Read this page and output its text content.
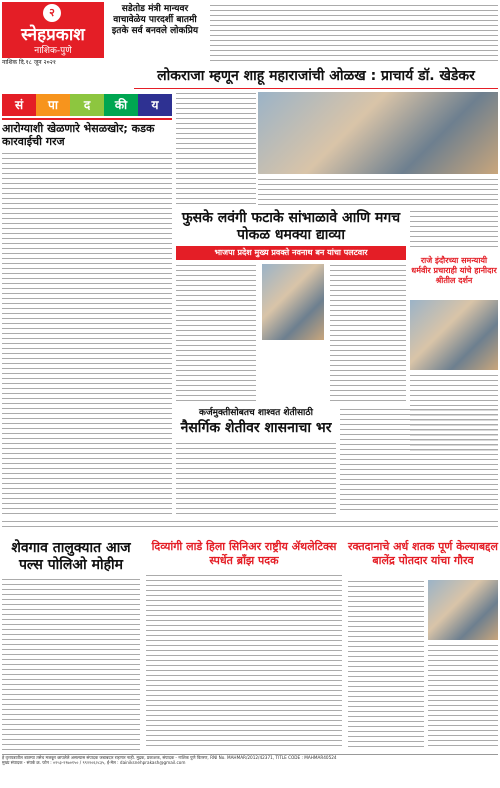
२
स्नेहप्रकाश
नाशिक-पुणे
नाशिक दि.१८ जून २०२१
सडेतोड मंत्री मान्यवर वाचावेळेय पारदर्शी बातमी इतके सर्व बनवले लोकप्रिय
सं	पा	द	की	य
आरोग्याशी खेळणारे भेसळखोर; कडक कारवाईची गरज
लोकराजा म्हणून शाहू महाराजांची ओळख : प्राचार्य डॉ. खेडेकर
फुसके लवंगी फटाके सांभाळावे आणि मगच पोकळ धमक्या द्याव्या
भाजपा प्रदेश मुख्य प्रवक्ते नवनाथ बन यांचा पलटवार
राजे इंदौरच्या समन्यायी धर्मवीर प्रचाराही यांचे हानीदार श्रीतील दर्शन
कर्जमुक्तीसोबतच शाश्वत शेतीसाठी
नैसर्गिक शेतीवर शासनाचा भर
शेवगाव तालुक्यात आज पल्स पोलिओ मोहीम
दिव्यांगी लाडे हिला सिनिअर राष्ट्रीय ॲथलेटिक्स स्पर्धेत ब्राँझ पदक
रक्तदानाचे अर्ध शतक पूर्ण केल्याबद्दल बालेंद्र पोतदार यांचा गौरव
हे वृत्तपत्रातील बातम्या तसेच मजकूर छापलेले असल्यास संपादक जबाबदार राहणार नाही. मुद्रक, प्रकाशक, संपादक - नाशिक पुणे वितरण, RNI No. MAHMAR/2012/42371, TITLE CODE : MAHMAR40524
मुख्य संपादक - संपर्क क्र. फोन : ०२५३-२९७०१५० / ९९२२०६२८३५, ई-मेल : dainiksnehprakash@gmail.com
